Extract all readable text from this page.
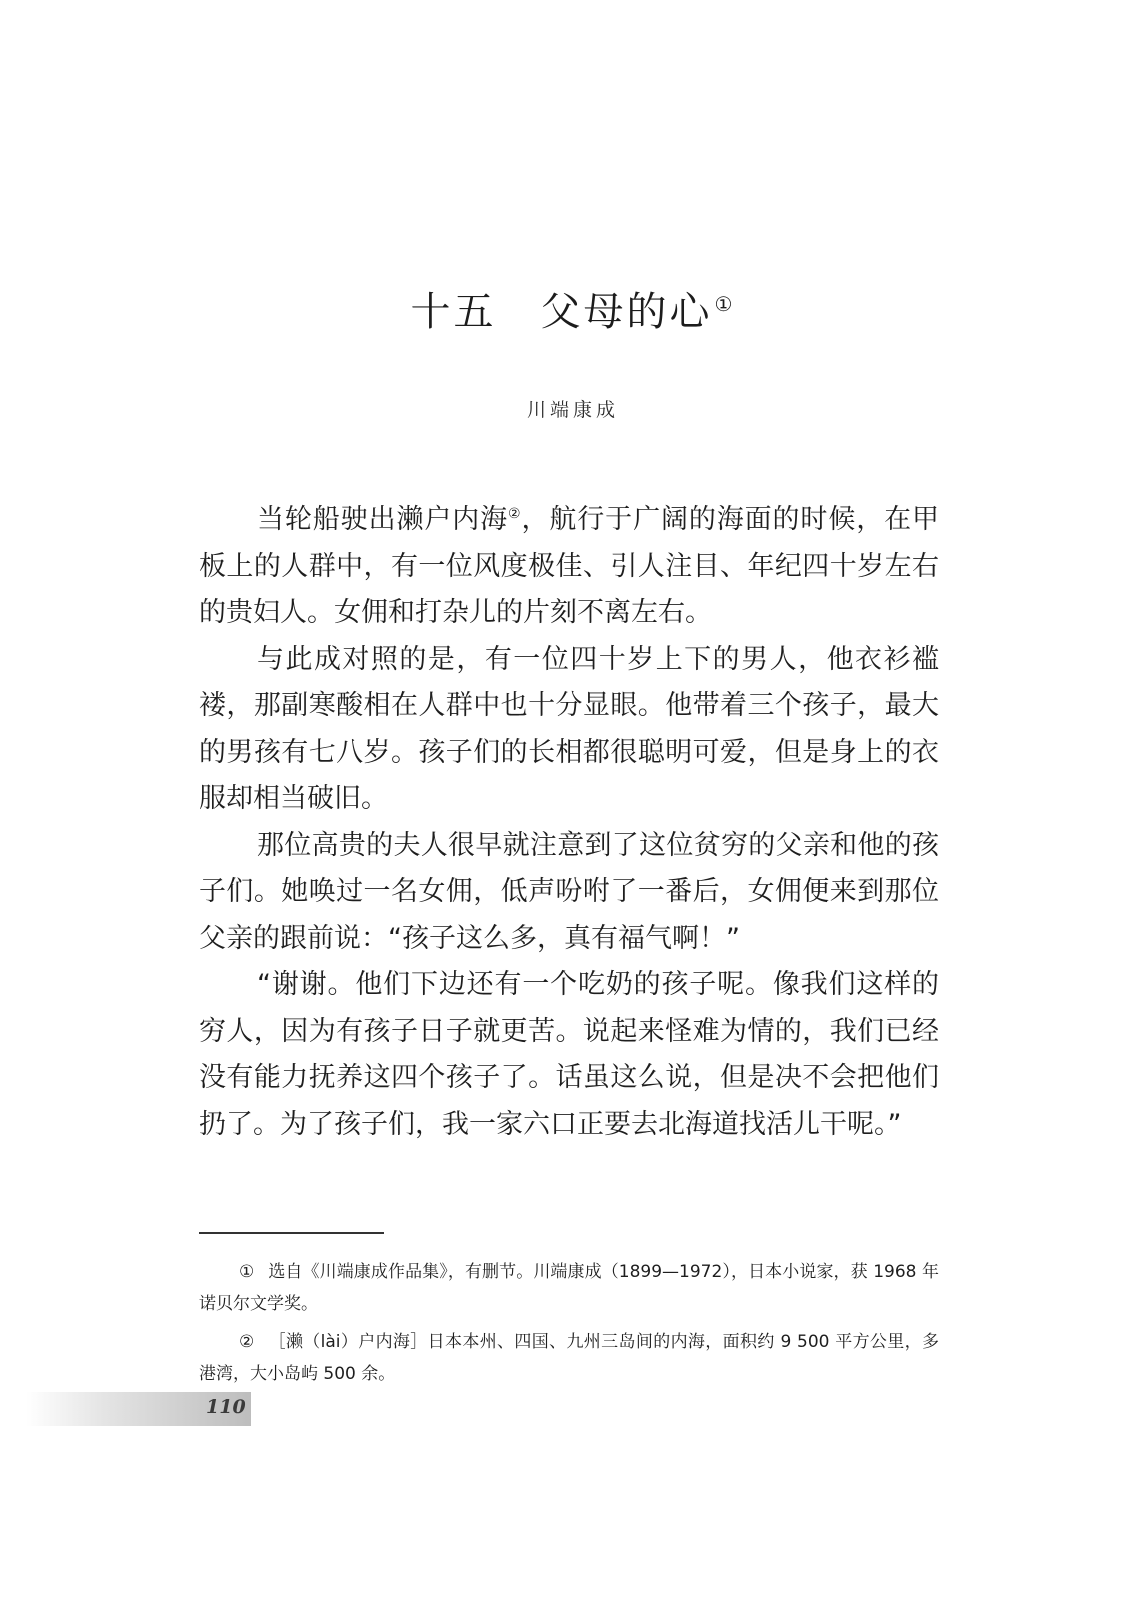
十五 父母的心 ①
川端康成

当轮船驶出濑户内海②，航行于广阔的海面的时候，在甲板上的人群中，有一位风度极佳、引人注目、年纪四十岁左右的贵妇人。女佣和打杂儿的片刻不离左右。

与此成对照的是，有一位四十岁上下的男人，他衣衫褴褛，那副寒酸相在人群中也十分显眼。他带着三个孩子，最大的男孩有七八岁。孩子们的长相都很聪明可爱，但是身上的衣服却相当破旧。

那位高贵的夫人很早就注意到了这位贫穷的父亲和他的孩子们。她唤过一名女佣，低声吩咐了一番后，女佣便来到那位父亲的跟前说：“孩子这么多，真有福气啊！”

“谢谢。他们下边还有一个吃奶的孩子呢。像我们这样的穷人，因为有孩子日子就更苦。说起来怪难为情的，我们已经没有能力抚养这四个孩子了。话虽这么说，但是决不会把他们扔了。为了孩子们，我一家六口正要去北海道找活儿干呢。”

① 选自《川端康成作品集》，有删节。川端康成（1899—1972），日本小说家，获 1968 年诺贝尔文学奖。

② ［濑（lài）户内海］日本本州、四国、九州三岛间的内海，面积约 9 500 平方公里，多港湾，大小岛屿 500 余。

110
